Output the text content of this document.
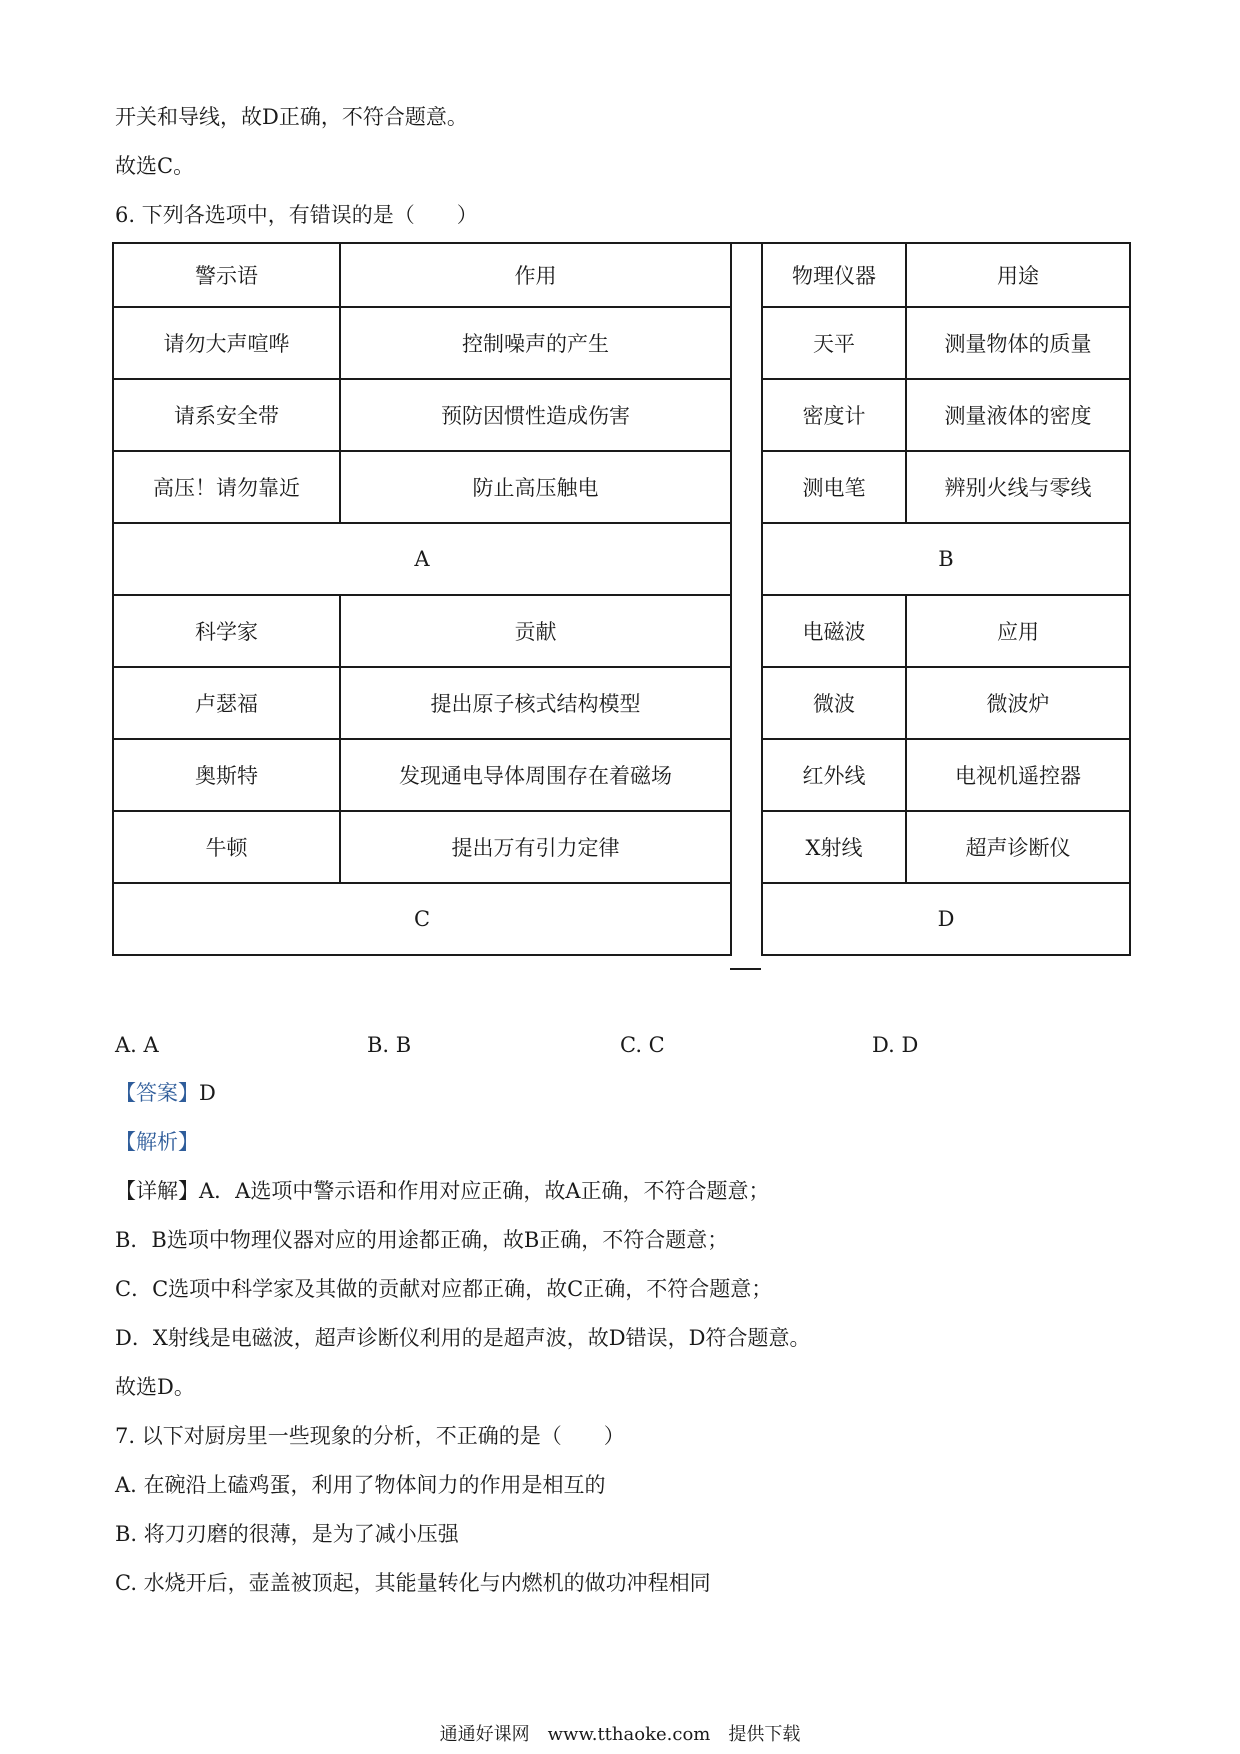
开关和导线，故D正确，不符合题意。
故选C。
6. 下列各选项中，有错误的是（　　）
警示语	作用
请勿大声喧哗	控制噪声的产生
请系安全带	预防因惯性造成伤害
高压！请勿靠近	防止高压触电
A	
科学家	贡献
卢瑟福	提出原子核式结构模型
奥斯特	发现通电导体周围存在着磁场
牛顿	提出万有引力定律
C	
物理仪器	用途
天平	测量物体的质量
密度计	测量液体的密度
测电笔	辨别火线与零线
B	
电磁波	应用
微波	微波炉
红外线	电视机遥控器
X射线	超声诊断仪
D	
A. A	B. B	C. C	D. D
【答案】D
【解析】
【详解】A．A选项中警示语和作用对应正确，故A正确，不符合题意；
B．B选项中物理仪器对应的用途都正确，故B正确，不符合题意；
C．C选项中科学家及其做的贡献对应都正确，故C正确，不符合题意；
D．X射线是电磁波，超声诊断仪利用的是超声波，故D错误，D符合题意。
故选D。
7. 以下对厨房里一些现象的分析，不正确的是（　　）
A. 在碗沿上磕鸡蛋，利用了物体间力的作用是相互的
B. 将刀刃磨的很薄，是为了减小压强
C. 水烧开后，壶盖被顶起，其能量转化与内燃机的做功冲程相同
通通好课网　www.tthaoke.com　提供下载
